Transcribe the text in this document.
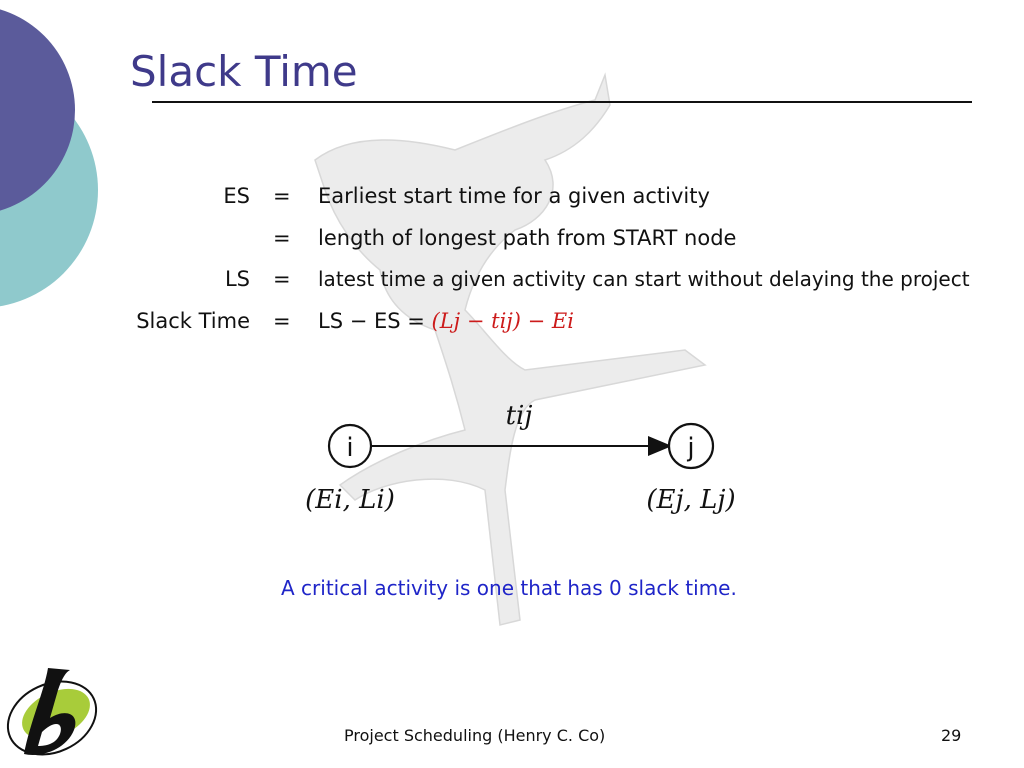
Slack Time
ES = Earliest start time for a given activity
= length of longest path from START node
LS = latest time a given activity can start without delaying the project
Slack Time = LS − ES = (Lj − tij) − Ei
i	j
tij
(Ei, Li)	(Ej, Lj)
A critical activity is one that has 0 slack time.
Project Scheduling (Henry C. Co)	29
